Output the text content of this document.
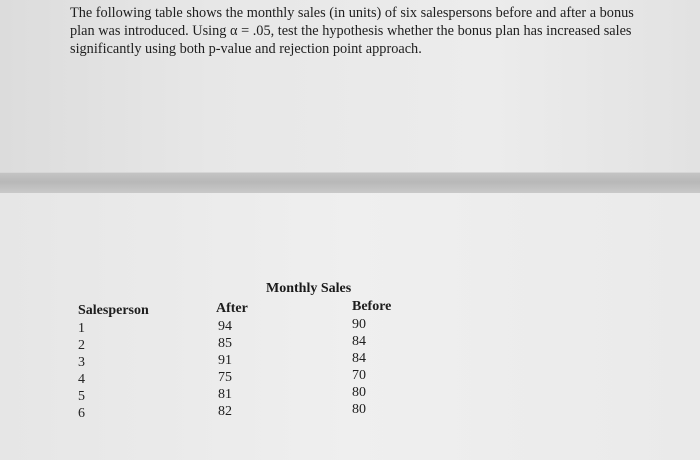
The following table shows the monthly sales (in units) of six salespersons before and after a bonus plan was introduced. Using α = .05, test the hypothesis whether the bonus plan has increased sales significantly using both p-value and rejection point approach.

Monthly Sales
Salesperson
1
2
3
4
5
6
After
94
85
91
75
81
82
Before
90
84
84
70
80
80
